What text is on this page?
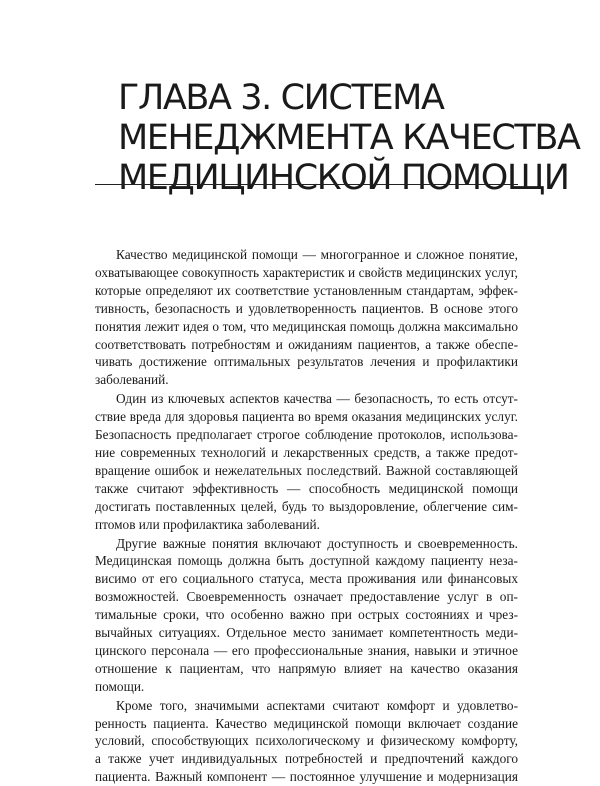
ГЛАВА 3. СИСТЕМА
МЕНЕДЖМЕНТА КАЧЕСТВА
МЕДИЦИНСКОЙ ПОМОЩИ

Качество медицинской помощи — многогранное и сложное понятие,
охватывающее совокупность характеристик и свойств медицинских услуг,
которые определяют их соответствие установленным стандартам, эффек-
тивность, безопасность и удовлетворенность пациентов. В основе этого
понятия лежит идея о том, что медицинская помощь должна максимально
соответствовать потребностям и ожиданиям пациентов, а также обеспе-
чивать достижение оптимальных результатов лечения и профилактики
заболеваний.

Один из ключевых аспектов качества — безопасность, то есть отсут-
ствие вреда для здоровья пациента во время оказания медицинских услуг.
Безопасность предполагает строгое соблюдение протоколов, использова-
ние современных технологий и лекарственных средств, а также предот-
вращение ошибок и нежелательных последствий. Важной составляющей
также считают эффективность — способность медицинской помощи
достигать поставленных целей, будь то выздоровление, облегчение сим-
птомов или профилактика заболеваний.

Другие важные понятия включают доступность и своевременность.
Медицинская помощь должна быть доступной каждому пациенту неза-
висимо от его социального статуса, места проживания или финансовых
возможностей. Своевременность означает предоставление услуг в оп-
тимальные сроки, что особенно важно при острых состояниях и чрез-
вычайных ситуациях. Отдельное место занимает компетентность меди-
цинского персонала — его профессиональные знания, навыки и этичное
отношение к пациентам, что напрямую влияет на качество оказания
помощи.

Кроме того, значимыми аспектами считают комфорт и удовлетво-
ренность пациента. Качество медицинской помощи включает создание
условий, способствующих психологическому и физическому комфорту,
а также учет индивидуальных потребностей и предпочтений каждого
пациента. Важный компонент — постоянное улучшение и модернизация
